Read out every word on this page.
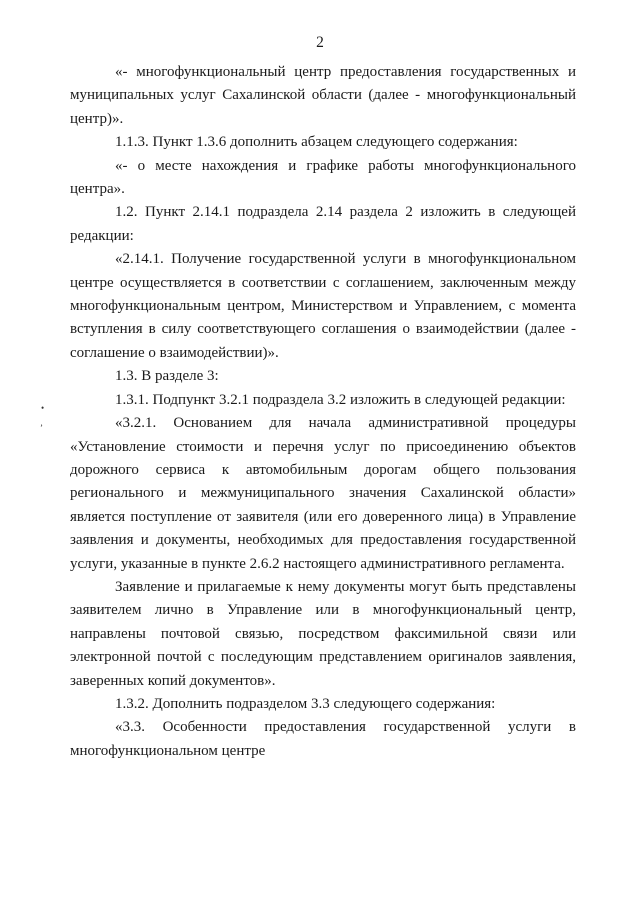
2
•
ʼ

«- многофункциональный центр предоставления государственных и муниципальных услуг Сахалинской области (далее - многофункциональный центр)».

1.1.3. Пункт 1.3.6 дополнить абзацем следующего содержания:

«- о месте нахождения и графике работы многофункционального центра».

1.2. Пункт 2.14.1 подраздела 2.14 раздела 2 изложить в следующей редакции:

«2.14.1. Получение государственной услуги в многофункциональном центре осуществляется в соответствии с соглашением, заключенным между многофункциональным центром, Министерством и Управлением, с момента вступления в силу соответствующего соглашения о взаимодействии (далее - соглашение о взаимодействии)».

1.3. В разделе 3:

1.3.1. Подпункт 3.2.1 подраздела 3.2 изложить в следующей редакции:

«3.2.1. Основанием для начала административной процедуры «Установление стоимости и перечня услуг по присоединению объектов дорожного сервиса к автомобильным дорогам общего пользования регионального и межмуниципального значения Сахалинской области» является поступление от заявителя (или его доверенного лица) в Управление заявления и документы, необходимых для предоставления государственной услуги, указанные в пункте 2.6.2 настоящего административного регламента.

Заявление и прилагаемые к нему документы могут быть представлены заявителем лично в Управление или в многофункциональный центр, направлены почтовой связью, посредством факсимильной связи или электронной почтой с последующим представлением оригиналов заявления, заверенных копий документов».

1.3.2. Дополнить подразделом 3.3 следующего содержания:

«3.3. Особенности предоставления государственной услуги в многофункциональном центре
